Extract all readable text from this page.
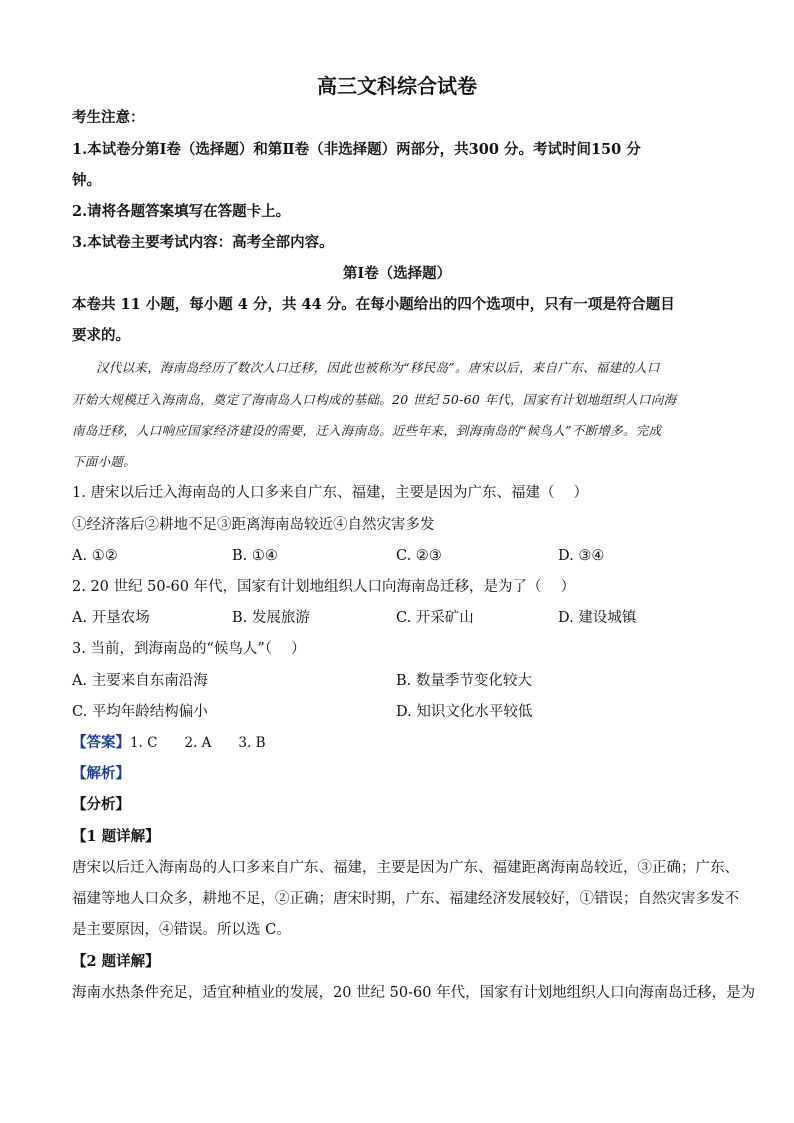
高三文科综合试卷
考生注意：
1.本试卷分第Ⅰ卷（选择题）和第Ⅱ卷（非选择题）两部分，共300 分。考试时间150 分
钟。
2.请将各题答案填写在答题卡上。
3.本试卷主要考试内容：高考全部内容。
第Ⅰ卷（选择题）
本卷共 11 小题，每小题 4 分，共 44 分。在每小题给出的四个选项中，只有一项是符合题目
要求的。
汉代以来，海南岛经历了数次人口迁移，因此也被称为“移民岛”。唐宋以后，来自广东、福建的人口
开始大规模迁入海南岛，奠定了海南岛人口构成的基础。20 世纪 50-60 年代，国家有计划地组织人口向海
南岛迁移，人口响应国家经济建设的需要，迁入海南岛。近些年来，到海南岛的“候鸟人”不断增多。完成
下面小题。
1. 唐宋以后迁入海南岛的人口多来自广东、福建，主要是因为广东、福建（　 ）
①经济落后②耕地不足③距离海南岛较近④自然灾害多发
A. ①②	B. ①④	C. ②③	D. ③④
2. 20 世纪 50-60 年代，国家有计划地组织人口向海南岛迁移，是为了（　 ）
A. 开垦农场	B. 发展旅游	C. 开采矿山	D. 建设城镇
3. 当前，到海南岛的“候鸟人”（　 ）
A. 主要来自东南沿海	B. 数量季节变化较大
C. 平均年龄结构偏小	D. 知识文化水平较低
【答案】1. C　　2. A　　3. B
【解析】
【分析】
【1 题详解】
唐宋以后迁入海南岛的人口多来自广东、福建，主要是因为广东、福建距离海南岛较近，③正确；广东、
福建等地人口众多，耕地不足，②正确；唐宋时期，广东、福建经济发展较好，①错误；自然灾害多发不
是主要原因，④错误。所以选 C。
【2 题详解】
海南水热条件充足，适宜种植业的发展，20 世纪 50-60 年代，国家有计划地组织人口向海南岛迁移，是为
